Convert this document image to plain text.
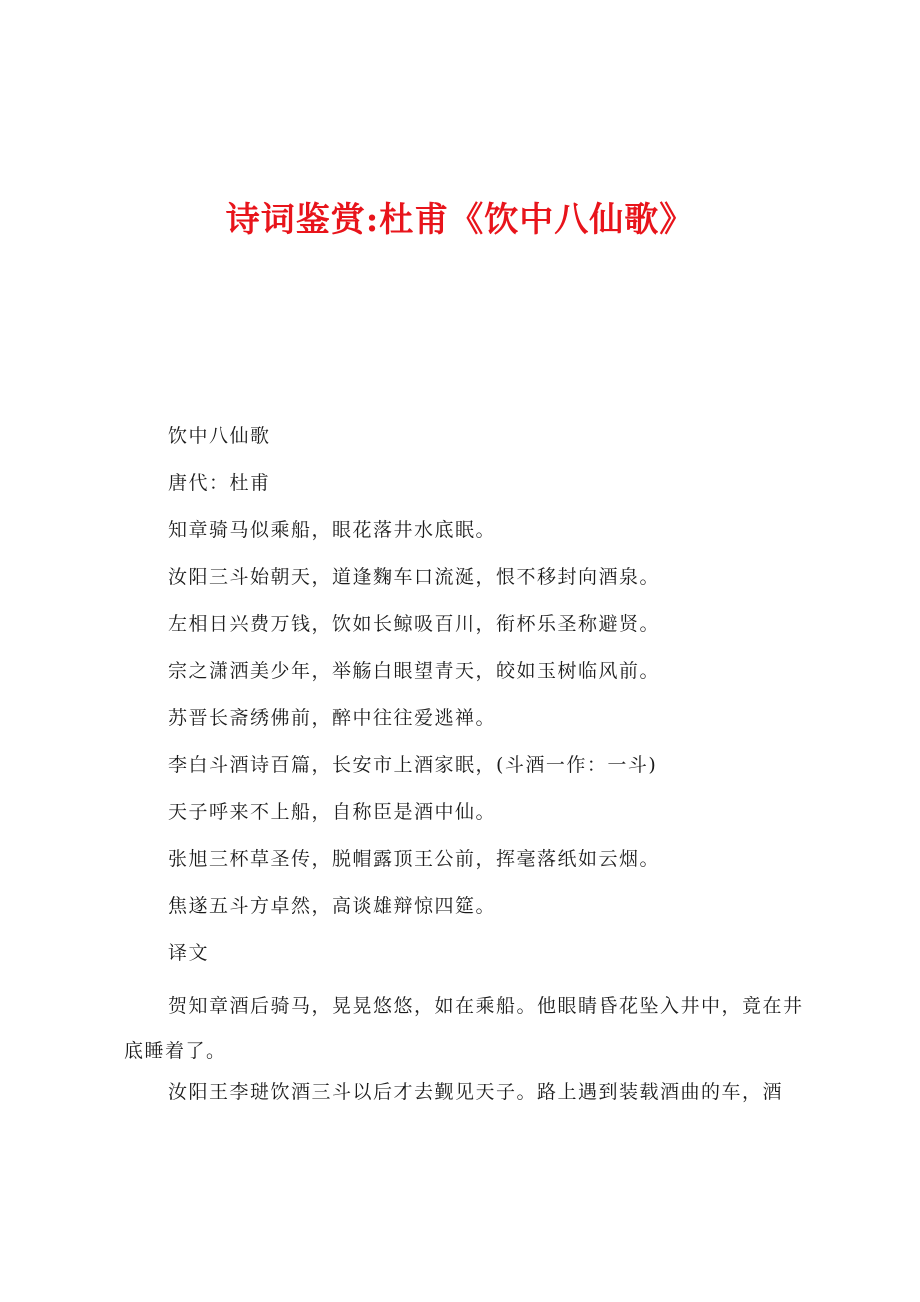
诗词鉴赏:杜甫《饮中八仙歌》

饮中八仙歌

唐代：杜甫

知章骑马似乘船，眼花落井水底眠。

汝阳三斗始朝天，道逢麴车口流涎，恨不移封向酒泉。

左相日兴费万钱，饮如长鲸吸百川，衔杯乐圣称避贤。

宗之潇洒美少年，举觞白眼望青天，皎如玉树临风前。

苏晋长斋绣佛前，醉中往往爱逃禅。

李白斗酒诗百篇，长安市上酒家眠，(斗酒一作：一斗)

天子呼来不上船，自称臣是酒中仙。

张旭三杯草圣传，脱帽露顶王公前，挥毫落纸如云烟。

焦遂五斗方卓然，高谈雄辩惊四筵。

译文

贺知章酒后骑马，晃晃悠悠，如在乘船。他眼睛昏花坠入井中，竟在井底睡着了。

汝阳王李琎饮酒三斗以后才去觐见天子。路上遇到装载酒曲的车，酒
